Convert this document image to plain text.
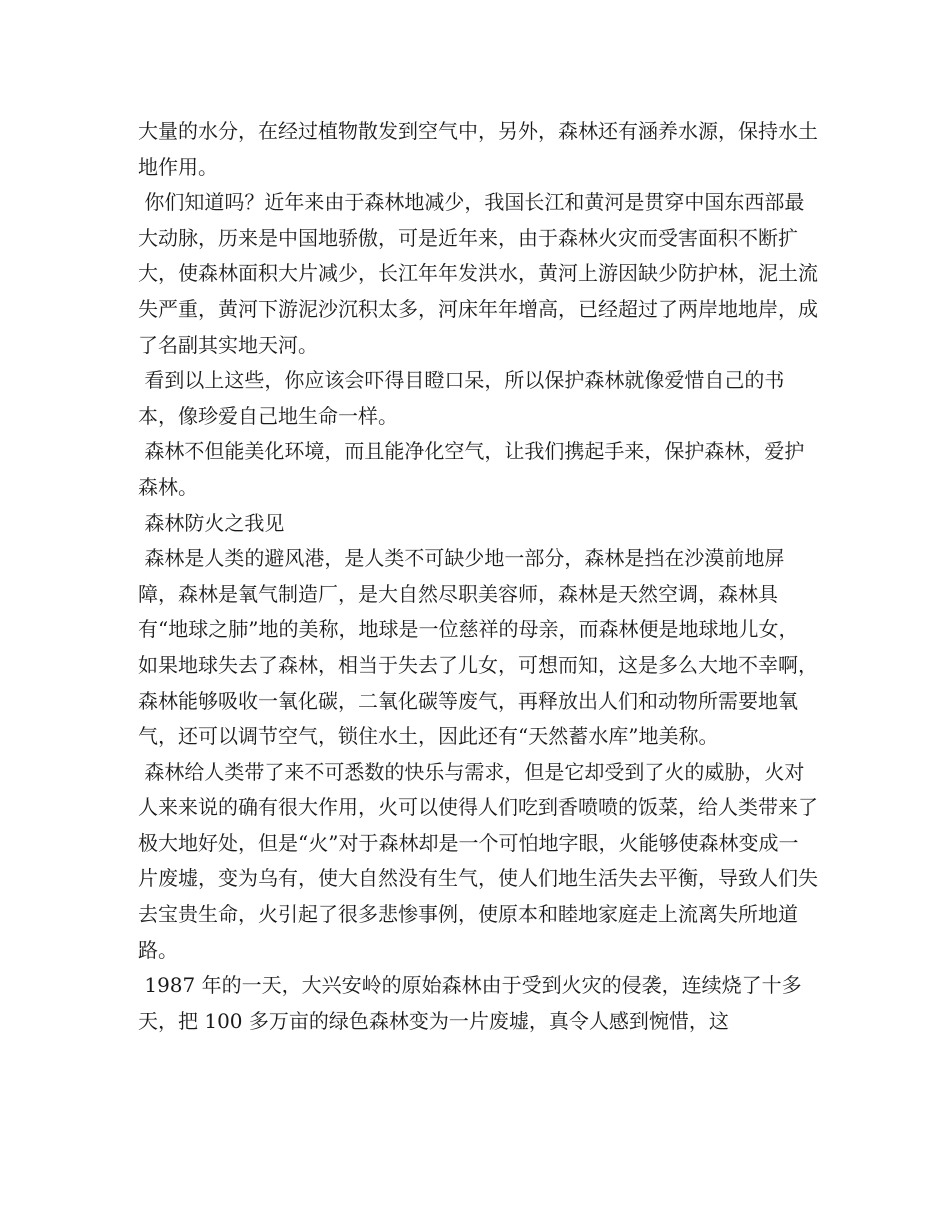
大量的水分，在经过植物散发到空气中，另外，森林还有涵养水源，保持水土地作用。

你们知道吗？近年来由于森林地减少，我国长江和黄河是贯穿中国东西部最大动脉，历来是中国地骄傲，可是近年来，由于森林火灾而受害面积不断扩大，使森林面积大片减少，长江年年发洪水，黄河上游因缺少防护林，泥土流失严重，黄河下游泥沙沉积太多，河床年年增高，已经超过了两岸地地岸，成了名副其实地天河。

看到以上这些，你应该会吓得目瞪口呆，所以保护森林就像爱惜自己的书本，像珍爱自己地生命一样。

森林不但能美化环境，而且能净化空气，让我们携起手来，保护森林，爱护森林。

森林防火之我见

森林是人类的避风港，是人类不可缺少地一部分，森林是挡在沙漠前地屏障，森林是氧气制造厂，是大自然尽职美容师，森林是天然空调，森林具有“地球之肺”地的美称，地球是一位慈祥的母亲，而森林便是地球地儿女，如果地球失去了森林，相当于失去了儿女，可想而知，这是多么大地不幸啊，森林能够吸收一氧化碳，二氧化碳等废气，再释放出人们和动物所需要地氧气，还可以调节空气，锁住水土，因此还有“天然蓄水库”地美称。

森林给人类带了来不可悉数的快乐与需求，但是它却受到了火的威胁，火对人来来说的确有很大作用，火可以使得人们吃到香喷喷的饭菜，给人类带来了极大地好处，但是“火”对于森林却是一个可怕地字眼，火能够使森林变成一片废墟，变为乌有，使大自然没有生气，使人们地生活失去平衡，导致人们失去宝贵生命，火引起了很多悲惨事例，使原本和睦地家庭走上流离失所地道路。

1987 年的一天，大兴安岭的原始森林由于受到火灾的侵袭，连续烧了十多天，把 100 多万亩的绿色森林变为一片废墟，真令人感到惋惜，这
